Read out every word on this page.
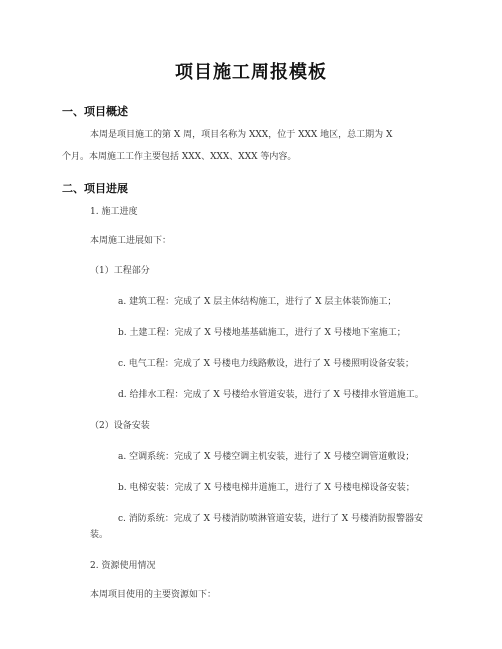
项目施工周报模板
一、项目概述
本周是项目施工的第 X 周，项目名称为 XXX，位于 XXX 地区，总工期为 X
个月。本周施工工作主要包括 XXX、XXX、XXX 等内容。
二、项目进展
1. 施工进度
本周施工进展如下：
（1）工程部分
a. 建筑工程：完成了 X 层主体结构施工，进行了 X 层主体装饰施工；
b. 土建工程：完成了 X 号楼地基基础施工，进行了 X 号楼地下室施工；
c. 电气工程：完成了 X 号楼电力线路敷设，进行了 X 号楼照明设备安装；
d. 给排水工程：完成了 X 号楼给水管道安装，进行了 X 号楼排水管道施工。
（2）设备安装
a. 空调系统：完成了 X 号楼空调主机安装，进行了 X 号楼空调管道敷设；
b. 电梯安装：完成了 X 号楼电梯井道施工，进行了 X 号楼电梯设备安装；
c. 消防系统：完成了 X 号楼消防喷淋管道安装，进行了 X 号楼消防报警器安
装。
2. 资源使用情况
本周项目使用的主要资源如下：
